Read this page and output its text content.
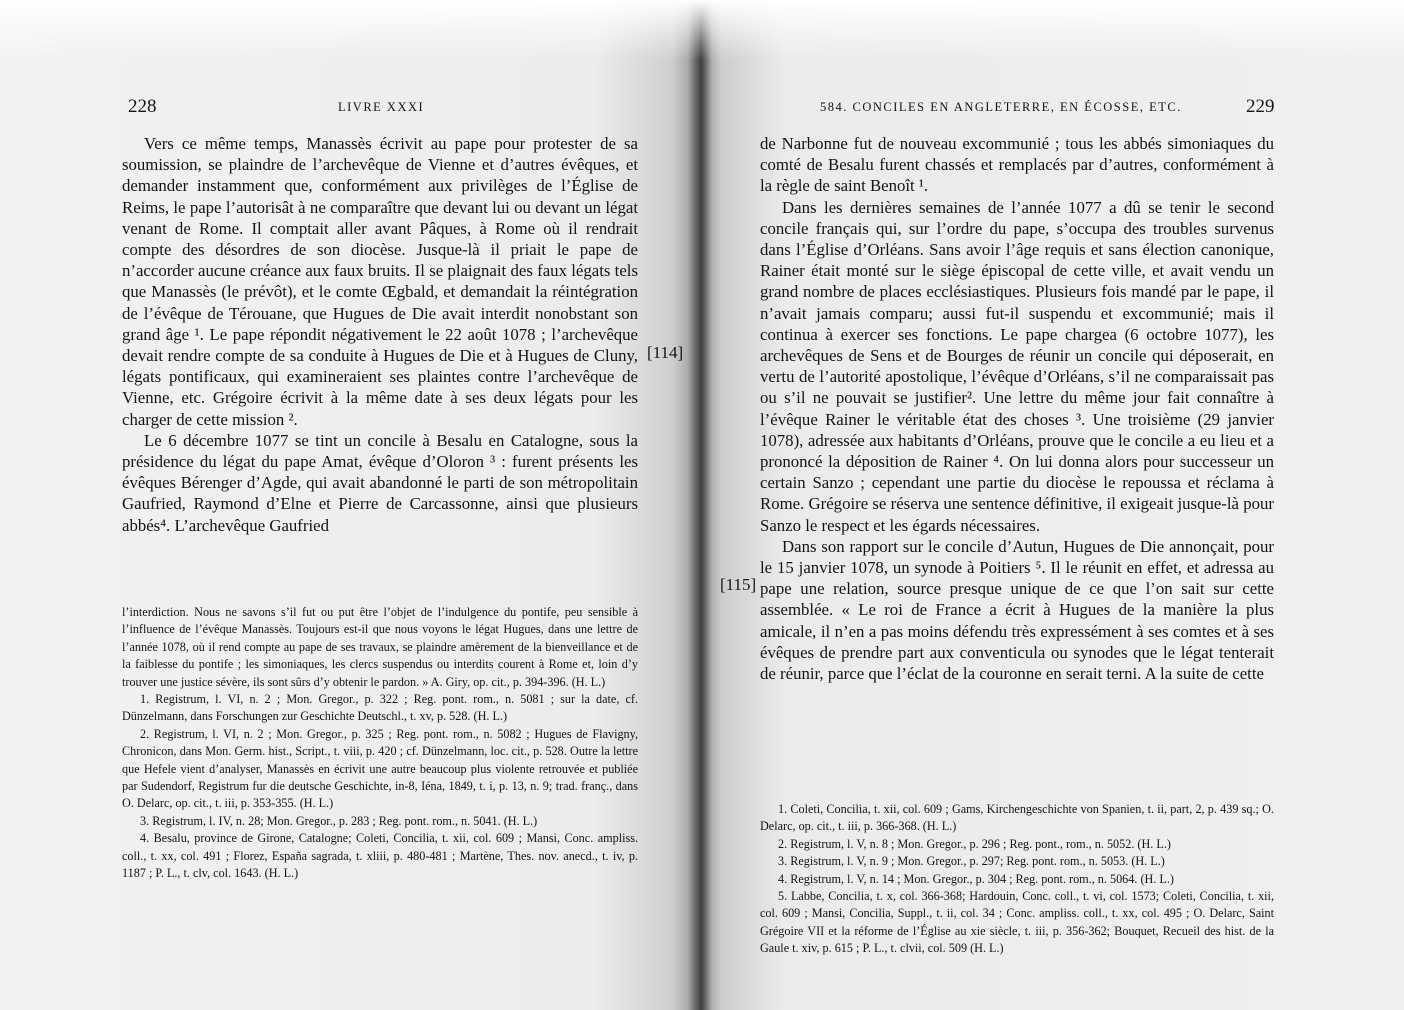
228	LIVRE XXXI

Vers ce même temps, Manassès écrivit au pape pour protester de sa soumission, se plaindre de l’archevêque de Vienne et d’autres évêques, et demander instamment que, conformément aux privilèges de l’Église de Reims, le pape l’autorisât à ne comparaître que devant lui ou devant un légat venant de Rome. Il comptait aller avant Pâques, à Rome où il rendrait compte des désordres de son diocèse. Jusque-là il priait le pape de n’accorder aucune créance aux faux bruits. Il se plaignait des faux légats tels que Manassès (le prévôt), et le comte Œgbald, et demandait la réintégration de l’évêque de Térouane, que Hugues de Die avait interdit nonobstant son grand âge ¹. Le pape répondit négativement le 22 août 1078 ; l’archevêque devait rendre compte de sa conduite à Hugues de Die et à Hugues de Cluny, légats pontificaux, qui examineraient ses plaintes contre l’archevêque de Vienne, etc. Grégoire écrivit à la même date à ses deux légats pour les charger de cette mission ².

Le 6 décembre 1077 se tint un concile à Besalu en Catalogne, sous la présidence du légat du pape Amat, évêque d’Oloron ³ : furent présents les évêques Bérenger d’Agde, qui avait abandonné le parti de son métropolitain Gaufried, Raymond d’Elne et Pierre de Carcassonne, ainsi que plusieurs abbés⁴. L’archevêque Gaufried

l’interdiction. Nous ne savons s’il fut ou put être l’objet de l’indulgence du pontife, peu sensible à l’influence de l’évêque Manassès. Toujours est-il que nous voyons le légat Hugues, dans une lettre de l’année 1078, où il rend compte au pape de ses travaux, se plaindre amèrement de la bienveillance et de la faiblesse du pontife ; les simoniaques, les clercs suspendus ou interdits courent à Rome et, loin d’y trouver une justice sévère, ils sont sûrs d’y obtenir le pardon. » A. Giry, op. cit., p. 394-396. (H. L.)

1. Registrum, l. VI, n. 2 ; Mon. Gregor., p. 322 ; Reg. pont. rom., n. 5081 ; sur la date, cf. Dünzelmann, dans Forschungen zur Geschichte Deutschl., t. xv, p. 528. (H. L.)

2. Registrum, l. VI, n. 2 ; Mon. Gregor., p. 325 ; Reg. pont. rom., n. 5082 ; Hugues de Flavigny, Chronicon, dans Mon. Germ. hist., Script., t. viii, p. 420 ; cf. Dünzelmann, loc. cit., p. 528. Outre la lettre que Hefele vient d’analyser, Manassès en écrivit une autre beaucoup plus violente retrouvée et publiée par Sudendorf, Registrum fur die deutsche Geschichte, in-8, Iéna, 1849, t. i, p. 13, n. 9; trad. franç., dans O. Delarc, op. cit., t. iii, p. 353-355. (H. L.)

3. Registrum, l. IV, n. 28; Mon. Gregor., p. 283 ; Reg. pont. rom., n. 5041. (H. L.)

4. Besalu, province de Girone, Catalogne; Coleti, Concilia, t. xii, col. 609 ; Mansi, Conc. ampliss. coll., t. xx, col. 491 ; Florez, España sagrada, t. xliii, p. 480-481 ; Martène, Thes. nov. anecd., t. iv, p. 1187 ; P. L., t. clv, col. 1643. (H. L.)

[114]
584. CONCILES EN ANGLETERRE, EN ÉCOSSE, ETC.	229

de Narbonne fut de nouveau excommunié ; tous les abbés simoniaques du comté de Besalu furent chassés et remplacés par d’autres, conformément à la règle de saint Benoît ¹.

Dans les dernières semaines de l’année 1077 a dû se tenir le second concile français qui, sur l’ordre du pape, s’occupa des troubles survenus dans l’Église d’Orléans. Sans avoir l’âge requis et sans élection canonique, Rainer était monté sur le siège épiscopal de cette ville, et avait vendu un grand nombre de places ecclésiastiques. Plusieurs fois mandé par le pape, il n’avait jamais comparu; aussi fut-il suspendu et excommunié; mais il continua à exercer ses fonctions. Le pape chargea (6 octobre 1077), les archevêques de Sens et de Bourges de réunir un concile qui déposerait, en vertu de l’autorité apostolique, l’évêque d’Orléans, s’il ne comparaissait pas ou s’il ne pouvait se justifier². Une lettre du même jour fait connaître à l’évêque Rainer le véritable état des choses ³. Une troisième (29 janvier 1078), adressée aux habitants d’Orléans, prouve que le concile a eu lieu et a prononcé la déposition de Rainer ⁴. On lui donna alors pour successeur un certain Sanzo ; cependant une partie du diocèse le repoussa et réclama à Rome. Grégoire se réserva une sentence définitive, il exigeait jusque-là pour Sanzo le respect et les égards nécessaires.

Dans son rapport sur le concile d’Autun, Hugues de Die annonçait, pour le 15 janvier 1078, un synode à Poitiers ⁵. Il le réunit en effet, et adressa au pape une relation, source presque unique de ce que l’on sait sur cette assemblée. « Le roi de France a écrit à Hugues de la manière la plus amicale, il n’en a pas moins défendu très expressément à ses comtes et à ses évêques de prendre part aux conventicula ou synodes que le légat tenterait de réunir, parce que l’éclat de la couronne en serait terni. A la suite de cette

1. Coleti, Concilia, t. xii, col. 609 ; Gams, Kirchengeschichte von Spanien, t. ii, part, 2, p. 439 sq.; O. Delarc, op. cit., t. iii, p. 366-368. (H. L.)

2. Registrum, l. V, n. 8 ; Mon. Gregor., p. 296 ; Reg. pont., rom., n. 5052. (H. L.)

3. Registrum, l. V, n. 9 ; Mon. Gregor., p. 297; Reg. pont. rom., n. 5053. (H. L.)

4. Registrum, l. V, n. 14 ; Mon. Gregor., p. 304 ; Reg. pont. rom., n. 5064. (H. L.)

5. Labbe, Concilia, t. x, col. 366-368; Hardouin, Conc. coll., t. vi, col. 1573; Coleti, Concilia, t. xii, col. 609 ; Mansi, Concilia, Suppl., t. ii, col. 34 ; Conc. ampliss. coll., t. xx, col. 495 ; O. Delarc, Saint Grégoire VII et la réforme de l’Église au xie siècle, t. iii, p. 356-362; Bouquet, Recueil des hist. de la Gaule t. xiv, p. 615 ; P. L., t. clvii, col. 509 (H. L.)

[115]
